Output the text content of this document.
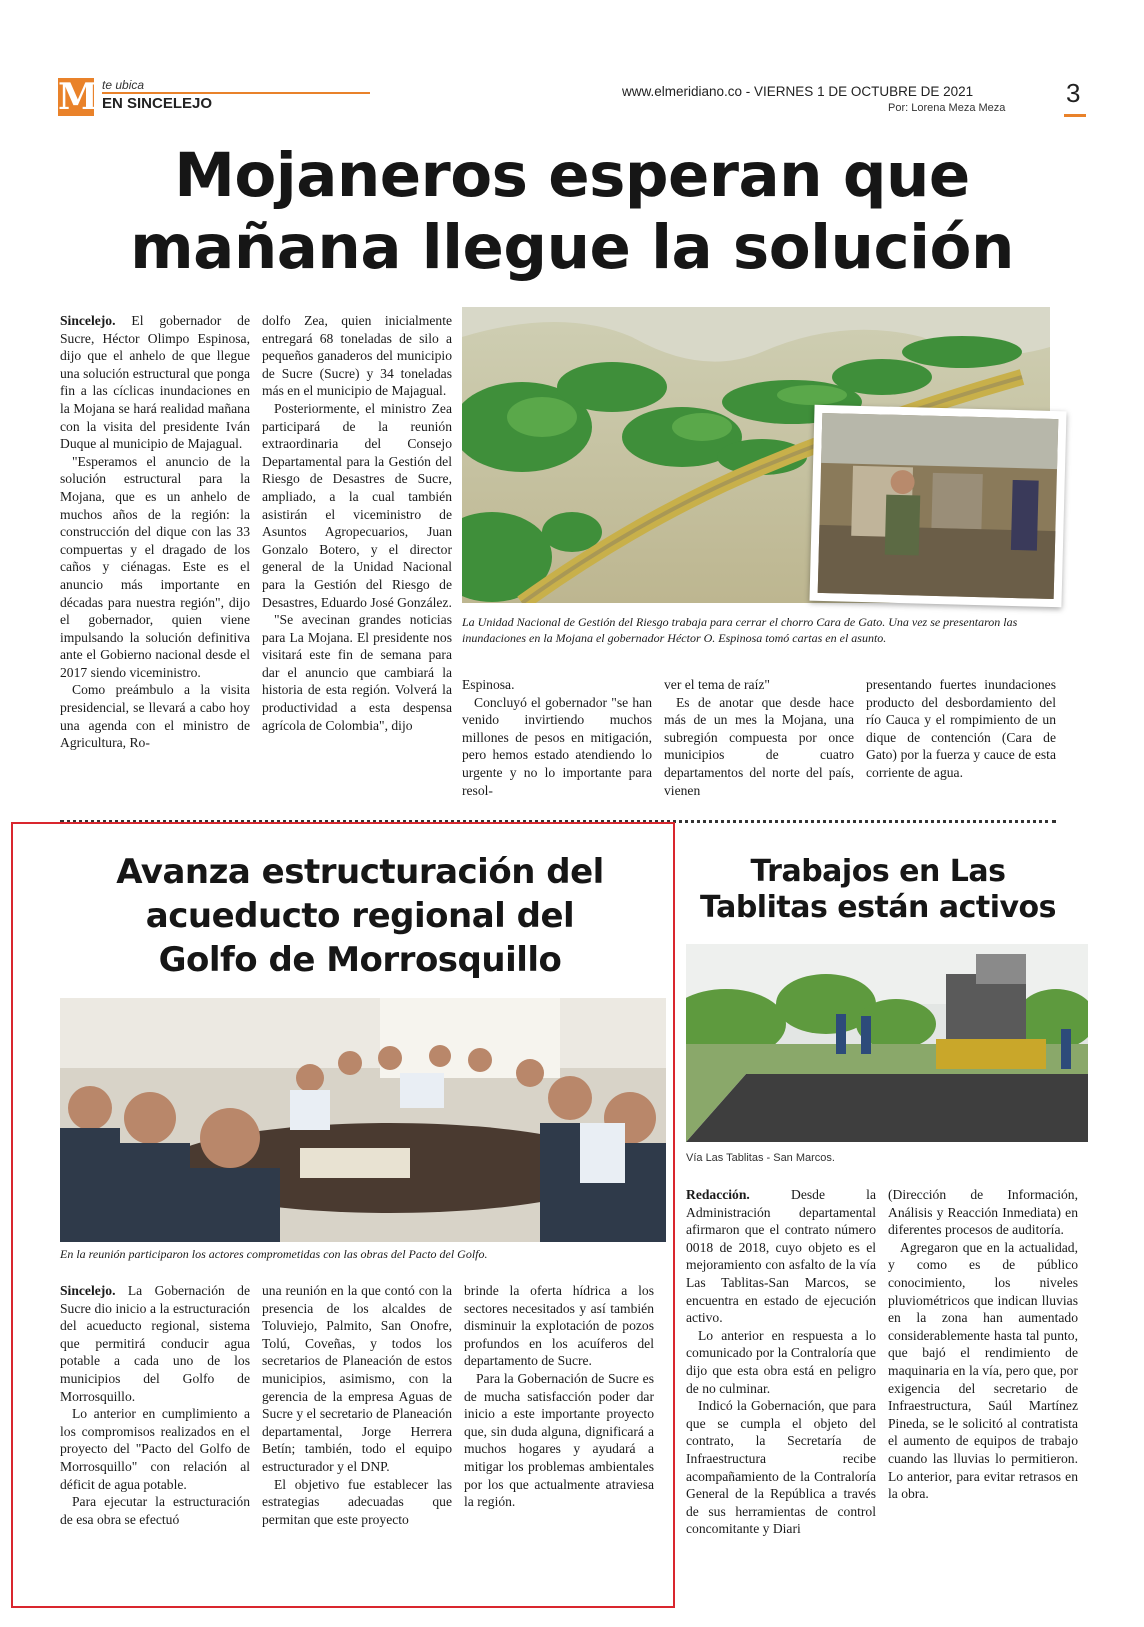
M te ubica
EN SINCELEJO
www.elmeridiano.co - VIERNES 1 DE OCTUBRE DE 2021
Por: Lorena Meza Meza 3
Mojaneros esperan que
mañana llegue la solución

Sincelejo. El gobernador de Sucre, Héctor Olimpo Espinosa, dijo que el anhelo de que llegue una solución estructural que ponga fin a las cíclicas inundaciones en la Mojana se hará realidad mañana con la visita del presidente Iván Duque al municipio de Majagual.

"Esperamos el anuncio de la solución estructural para la Mojana, que es un anhelo de muchos años de la región: la construcción del dique con las 33 compuertas y el dragado de los caños y ciénagas. Este es el anuncio más importante en décadas para nuestra región", dijo el gobernador, quien viene impulsando la solución definitiva ante el Gobierno nacional desde el 2017 siendo viceministro.

Como preámbulo a la visita presidencial, se llevará a cabo hoy una agenda con el ministro de Agricultura, Ro-

dolfo Zea, quien inicialmente entregará 68 toneladas de silo a pequeños ganaderos del municipio de Sucre (Sucre) y 34 toneladas más en el municipio de Majagual.

Posteriormente, el ministro Zea participará de la reunión extraordinaria del Consejo Departamental para la Gestión del Riesgo de Desastres de Sucre, ampliado, a la cual también asistirán el viceministro de Asuntos Agropecuarios, Juan Gonzalo Botero, y el director general de la Unidad Nacional para la Gestión del Riesgo de Desastres, Eduardo José González.

"Se avecinan grandes noticias para La Mojana. El presidente nos visitará este fin de semana para dar el anuncio que cambiará la historia de esta región. Volverá la productividad a esta despensa agrícola de Colombia", dijo

La Unidad Nacional de Gestión del Riesgo trabaja para cerrar el chorro Cara de Gato. Una vez se presentaron las inundaciones en la Mojana el gobernador Héctor O. Espinosa tomó cartas en el asunto.

Espinosa.

Concluyó el gobernador "se han venido invirtiendo muchos millones de pesos en mitigación, pero hemos estado atendiendo lo urgente y no lo importante para resol-

ver el tema de raíz"

Es de anotar que desde hace más de un mes la Mojana, una subregión compuesta por once municipios de cuatro departamentos del norte del país, vienen

presentando fuertes inundaciones producto del desbordamiento del río Cauca y el rompimiento de un dique de contención (Cara de Gato) por la fuerza y cauce de esta corriente de agua.

Avanza estructuración del
acueducto regional del
Golfo de Morrosquillo
En la reunión participaron los actores comprometidas con las obras del Pacto del Golfo.

Sincelejo. La Gobernación de Sucre dio inicio a la estructuración del acueducto regional, sistema que permitirá conducir agua potable a cada uno de los municipios del Golfo de Morrosquillo.

Lo anterior en cumplimiento a los compromisos realizados en el proyecto del "Pacto del Golfo de Morrosquillo" con relación al déficit de agua potable.

Para ejecutar la estructuración de esa obra se efectuó

una reunión en la que contó con la presencia de los alcaldes de Toluviejo, Palmito, San Onofre, Tolú, Coveñas, y todos los secretarios de Planeación de estos municipios, asimismo, con la gerencia de la empresa Aguas de Sucre y el secretario de Planeación departamental, Jorge Herrera Betín; también, todo el equipo estructurador y el DNP.

El objetivo fue establecer las estrategias adecuadas que permitan que este proyecto

brinde la oferta hídrica a los sectores necesitados y así también disminuir la explotación de pozos profundos en los acuíferos del departamento de Sucre.

Para la Gobernación de Sucre es de mucha satisfacción poder dar inicio a este importante proyecto que, sin duda alguna, dignificará a muchos hogares y ayudará a mitigar los problemas ambientales por los que actualmente atraviesa la región.

Trabajos en Las
Tablitas están activos
Vía Las Tablitas - San Marcos.

Redacción. Desde la Administración departamental afirmaron que el contrato número 0018 de 2018, cuyo objeto es el mejoramiento con asfalto de la vía Las Tablitas-San Marcos, se encuentra en estado de ejecución activo.

Lo anterior en respuesta a lo comunicado por la Contraloría que dijo que esta obra está en peligro de no culminar.

Indicó la Gobernación, que para que se cumpla el objeto del contrato, la Secretaría de Infraestructura recibe acompañamiento de la Contraloría General de la República a través de sus herramientas de control concomitante y Diari

(Dirección de Información, Análisis y Reacción Inmediata) en diferentes procesos de auditoría.

Agregaron que en la actualidad, y como es de público conocimiento, los niveles pluviométricos que indican lluvias en la zona han aumentado considerablemente hasta tal punto, que bajó el rendimiento de maquinaria en la vía, pero que, por exigencia del secretario de Infraestructura, Saúl Martínez Pineda, se le solicitó al contratista el aumento de equipos de trabajo cuando las lluvias lo permitieron. Lo anterior, para evitar retrasos en la obra.
